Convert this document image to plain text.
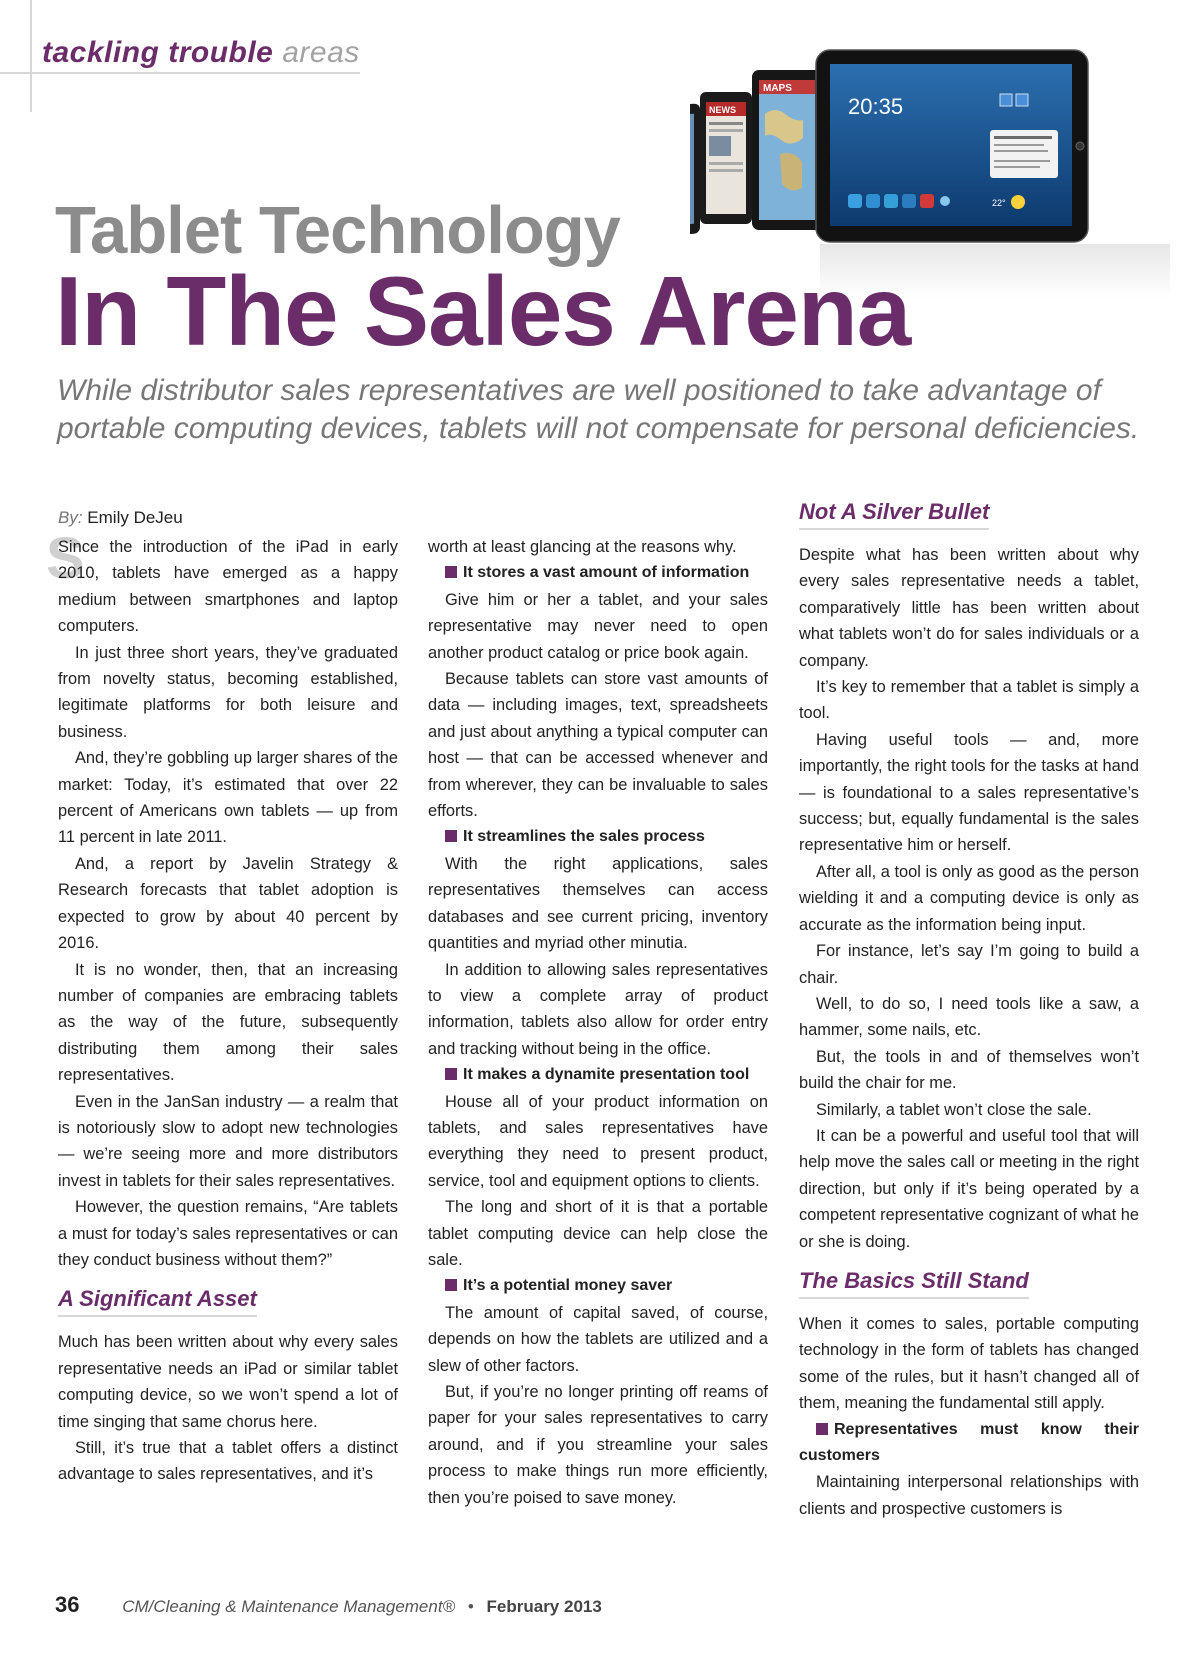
tackling trouble areas
NEWS
MAPS
20:35
22°
Tablet Technology
In The Sales Arena
While distributor sales representatives are well positioned to take advantage of portable computing devices, tablets will not compensate for personal deficiencies.
By: Emily DeJeu
S

Since the introduction of the iPad in early 2010, tablets have emerged as a happy medium between smartphones and laptop computers.

In just three short years, they’ve graduated from novelty status, becoming established, legitimate platforms for both leisure and business.

And, they’re gobbling up larger shares of the market: Today, it’s estimated that over 22 percent of Americans own tablets — up from 11 percent in late 2011.

And, a report by Javelin Strategy & Research forecasts that tablet adoption is expected to grow by about 40 percent by 2016.

It is no wonder, then, that an increasing number of companies are embracing tablets as the way of the future, subsequently distributing them among their sales representatives.

Even in the JanSan industry — a realm that is notoriously slow to adopt new technologies — we’re seeing more and more distributors invest in tablets for their sales representatives.

However, the question remains, “Are tablets a must for today’s sales representatives or can they conduct business without them?”

A Significant Asset

Much has been written about why every sales representative needs an iPad or similar tablet computing device, so we won’t spend a lot of time singing that same chorus here.

Still, it’s true that a tablet offers a distinct advantage to sales representatives, and it’s

worth at least glancing at the reasons why.

It stores a vast amount of information

Give him or her a tablet, and your sales representative may never need to open another product catalog or price book again.

Because tablets can store vast amounts of data — including images, text, spreadsheets and just about anything a typical computer can host — that can be accessed whenever and from wherever, they can be invaluable to sales efforts.

It streamlines the sales process

With the right applications, sales representatives themselves can access databases and see current pricing, inventory quantities and myriad other minutia.

In addition to allowing sales representatives to view a complete array of product information, tablets also allow for order entry and tracking without being in the office.

It makes a dynamite presentation tool

House all of your product information on tablets, and sales representatives have everything they need to present product, service, tool and equipment options to clients.

The long and short of it is that a portable tablet computing device can help close the sale.

It’s a potential money saver

The amount of capital saved, of course, depends on how the tablets are utilized and a slew of other factors.

But, if you’re no longer printing off reams of paper for your sales representatives to carry around, and if you streamline your sales process to make things run more efficiently, then you’re poised to save money.

Not A Silver Bullet

Despite what has been written about why every sales representative needs a tablet, comparatively little has been written about what tablets won’t do for sales individuals or a company.

It’s key to remember that a tablet is simply a tool.

Having useful tools — and, more importantly, the right tools for the tasks at hand — is foundational to a sales representative’s success; but, equally fundamental is the sales representative him or herself.

After all, a tool is only as good as the person wielding it and a computing device is only as accurate as the information being input.

For instance, let’s say I’m going to build a chair.

Well, to do so, I need tools like a saw, a hammer, some nails, etc.

But, the tools in and of themselves won’t build the chair for me.

Similarly, a tablet won’t close the sale.

It can be a powerful and useful tool that will help move the sales call or meeting in the right direction, but only if it’s being operated by a competent representative cognizant of what he or she is doing.

The Basics Still Stand

When it comes to sales, portable computing technology in the form of tablets has changed some of the rules, but it hasn’t changed all of them, meaning the fundamental still apply.

Representatives must know their customers

Maintaining interpersonal relationships with clients and prospective customers is

36	CM/Cleaning & Maintenance Management® • February 2013
